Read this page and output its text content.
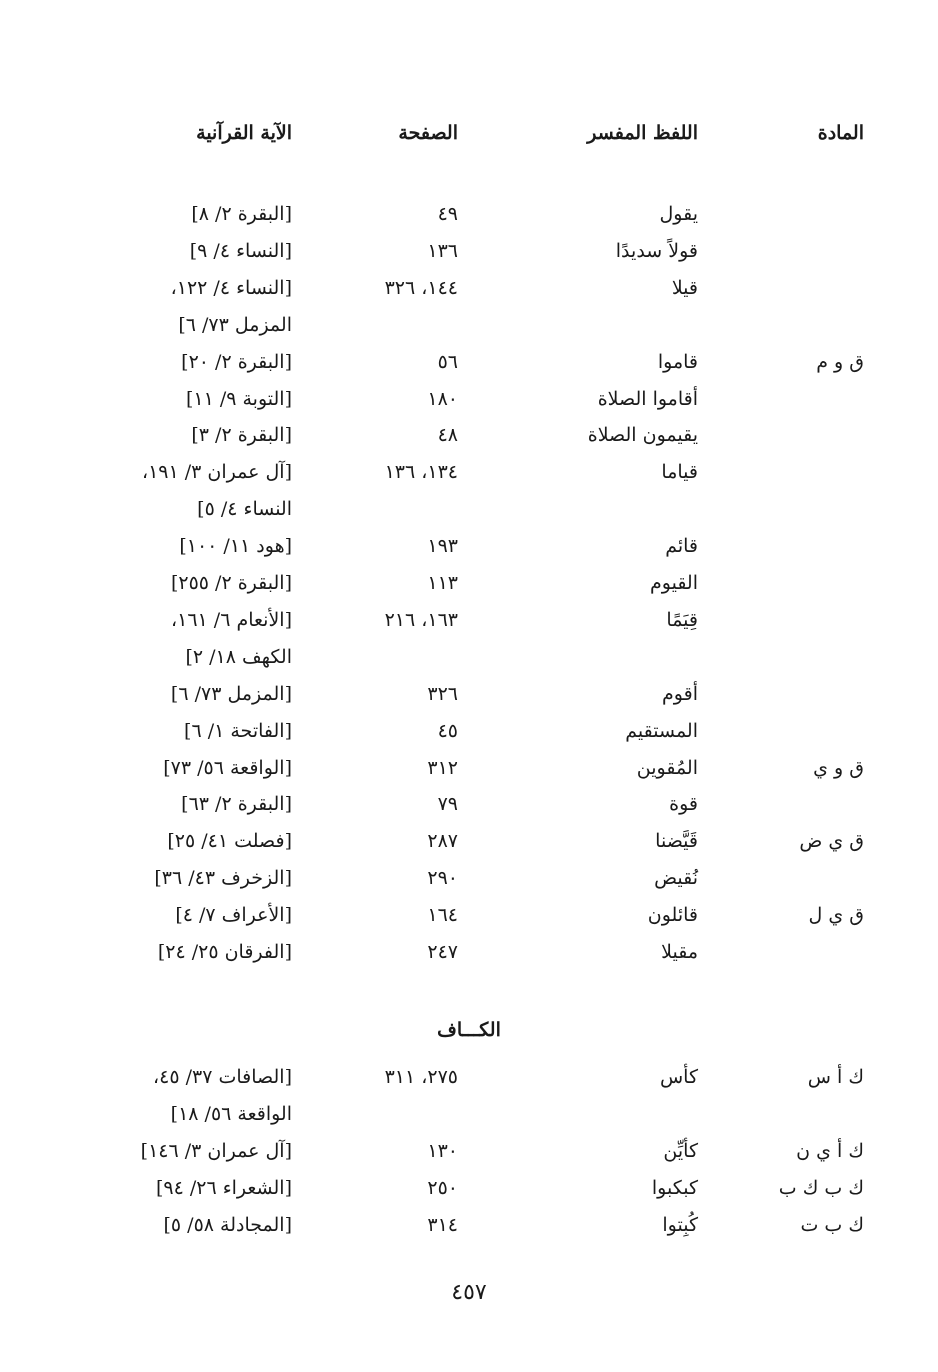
المادة
اللفظ المفسر
الصفحة
الآية القرآنية
يقول
٤٩
[البقرة ٢/ ٨]
قولاً سديدًا
١٣٦
[النساء ٤/ ٩]
قيلا
١٤٤، ٣٢٦
[النساء ٤/ ١٢٢،
المزمل ٧٣/ ٦]
ق و م
قاموا
٥٦
[البقرة ٢/ ٢٠]
أقاموا الصلاة
١٨٠
[التوبة ٩/ ١١]
يقيمون الصلاة
٤٨
[البقرة ٢/ ٣]
قياما
١٣٤، ١٣٦
[آل عمران ٣/ ١٩١،
النساء ٤/ ٥]
قائم
١٩٣
[هود ١١/ ١٠٠]
القيوم
١١٣
[البقرة ٢/ ٢٥٥]
قِيَمًا
١٦٣، ٢١٦
[الأنعام ٦/ ١٦١،
الكهف ١٨/ ٢]
أقوم
٣٢٦
[المزمل ٧٣/ ٦]
المستقيم
٤٥
[الفاتحة ١/ ٦]
ق و ي
المُقوين
٣١٢
[الواقعة ٥٦/ ٧٣]
قوة
٧٩
[البقرة ٢/ ٦٣]
ق ي ض
قَيَّضنا
٢٨٧
[فصلت ٤١/ ٢٥]
نُقيض
٢٩٠
[الزخرف ٤٣/ ٣٦]
ق ي ل
قائلون
١٦٤
[الأعراف ٧/ ٤]
مقيلا
٢٤٧
[الفرقان ٢٥/ ٢٤]
الكـــاف
ك أ س
كأس
٢٧٥، ٣١١
[الصافات ٣٧/ ٤٥،
الواقعة ٥٦/ ١٨]
ك أ ي ن
كأيِّن
١٣٠
[آل عمران ٣/ ١٤٦]
ك ب ك ب
كبكبوا
٢٥٠
[الشعراء ٢٦/ ٩٤]
ك ب ت
كُبِتوا
٣١٤
[المجادلة ٥٨/ ٥]
٤٥٧
